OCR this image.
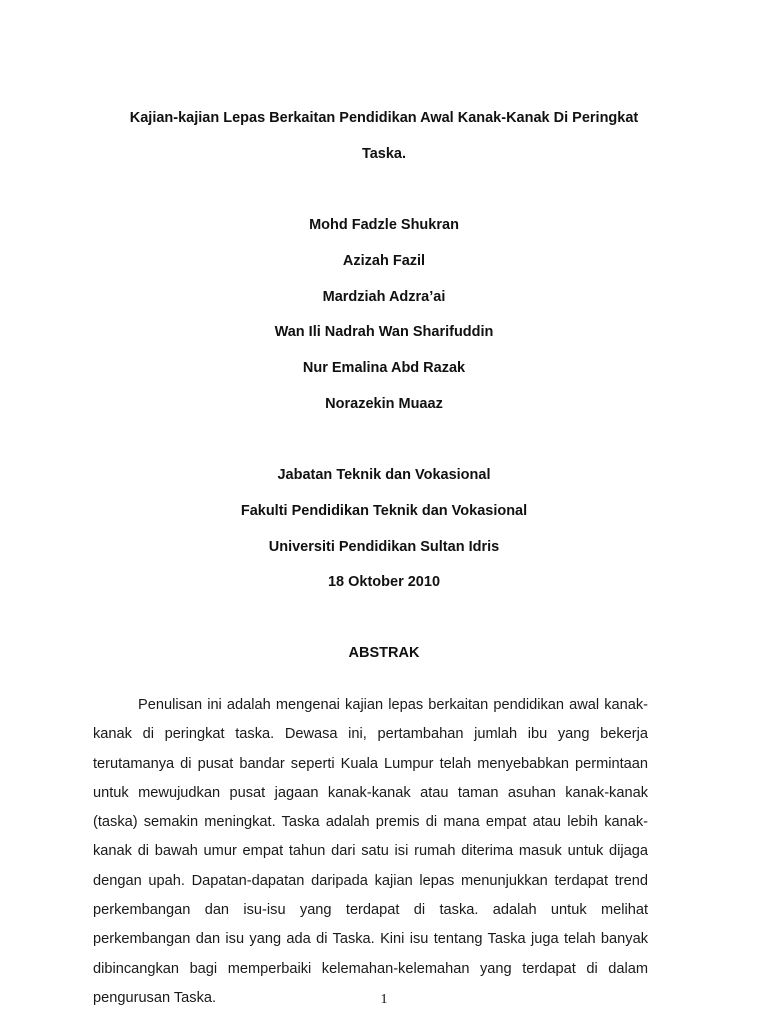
Kajian-kajian Lepas Berkaitan Pendidikan Awal Kanak-Kanak Di Peringkat
Taska.
Mohd Fadzle Shukran
Azizah Fazil
Mardziah Adzra’ai
Wan Ili Nadrah Wan Sharifuddin
Nur Emalina Abd Razak
Norazekin Muaaz
Jabatan Teknik dan Vokasional
Fakulti Pendidikan Teknik dan Vokasional
Universiti Pendidikan Sultan Idris
18 Oktober 2010
ABSTRAK

Penulisan ini adalah mengenai kajian lepas berkaitan pendidikan awal kanak-kanak di peringkat taska. Dewasa ini, pertambahan jumlah ibu yang bekerja terutamanya di pusat bandar seperti Kuala Lumpur telah menyebabkan permintaan untuk mewujudkan pusat jagaan kanak-kanak atau taman asuhan kanak-kanak (taska) semakin meningkat. Taska adalah premis di mana empat atau lebih kanak-kanak di bawah umur empat tahun dari satu isi rumah diterima masuk untuk dijaga dengan upah. Dapatan-dapatan daripada kajian lepas menunjukkan terdapat trend perkembangan dan isu-isu yang terdapat di taska. adalah untuk melihat perkembangan dan isu yang ada di Taska. Kini isu tentang Taska juga telah banyak dibincangkan bagi memperbaiki kelemahan-kelemahan yang terdapat di dalam pengurusan Taska.	1
